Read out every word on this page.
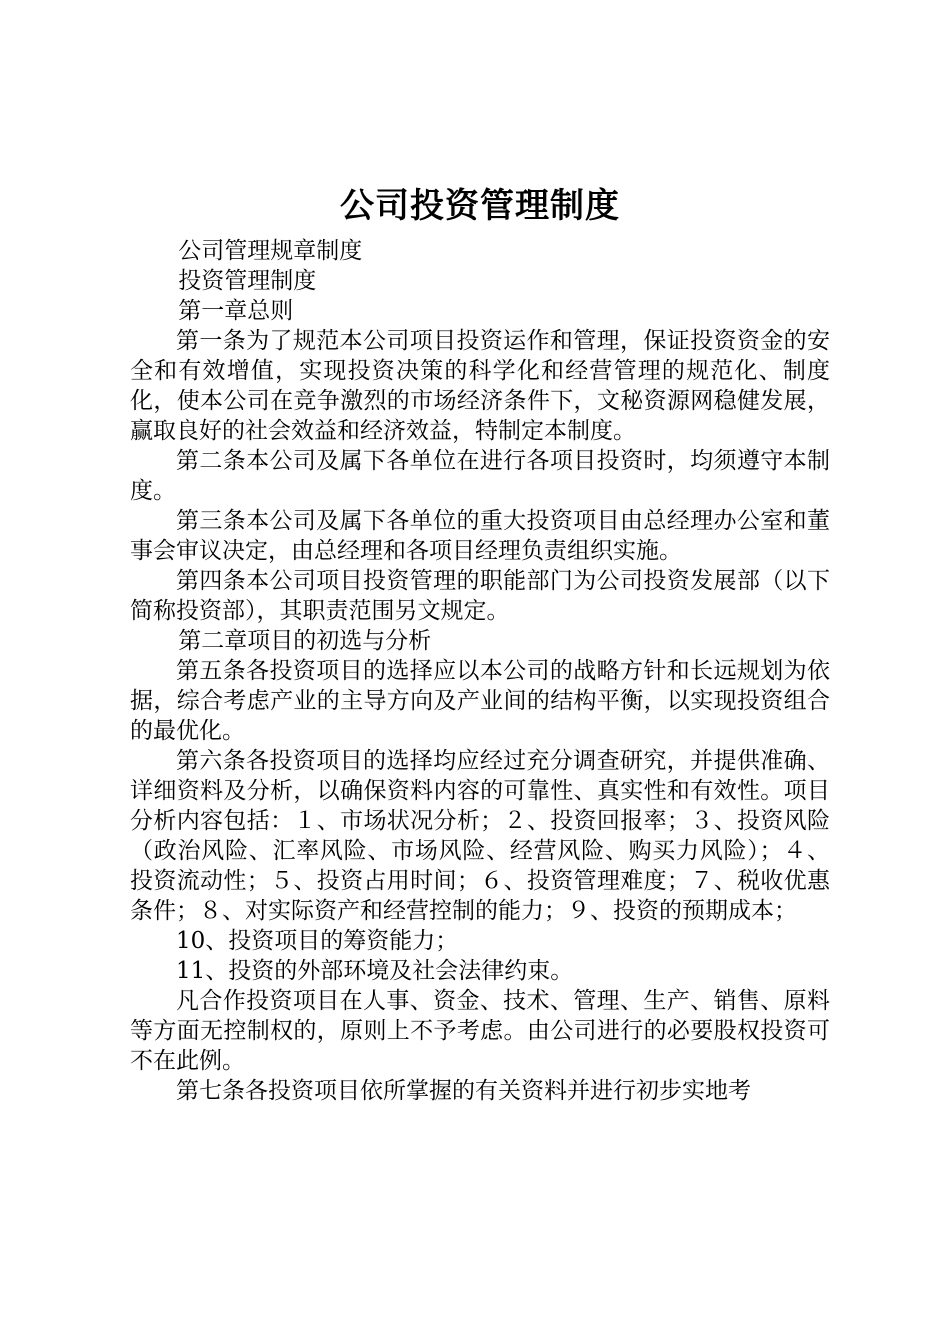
公司投资管理制度

公司管理规章制度

投资管理制度

第一章总则

第一条为了规范本公司项目投资运作和管理，保证投资资金的安全和有效增值，实现投资决策的科学化和经营管理的规范化、制度化，使本公司在竞争激烈的市场经济条件下，文秘资源网稳健发展，赢取良好的社会效益和经济效益，特制定本制度。

第二条本公司及属下各单位在进行各项目投资时，均须遵守本制度。

第三条本公司及属下各单位的重大投资项目由总经理办公室和董事会审议决定，由总经理和各项目经理负责组织实施。

第四条本公司项目投资管理的职能部门为公司投资发展部（以下简称投资部），其职责范围另文规定。

第二章项目的初选与分析

第五条各投资项目的选择应以本公司的战略方针和长远规划为依据，综合考虑产业的主导方向及产业间的结构平衡，以实现投资组合的最优化。

第六条各投资项目的选择均应经过充分调查研究，并提供准确、详细资料及分析，以确保资料内容的可靠性、真实性和有效性。项目分析内容包括：１、市场状况分析；２、投资回报率；３、投资风险（政治风险、汇率风险、市场风险、经营风险、购买力风险）；４、投资流动性；５、投资占用时间；６、投资管理难度；７、税收优惠条件；８、对实际资产和经营控制的能力；９、投资的预期成本；

10、投资项目的筹资能力；

11、投资的外部环境及社会法律约束。

凡合作投资项目在人事、资金、技术、管理、生产、销售、原料等方面无控制权的，原则上不予考虑。由公司进行的必要股权投资可不在此例。

第七条各投资项目依所掌握的有关资料并进行初步实地考
